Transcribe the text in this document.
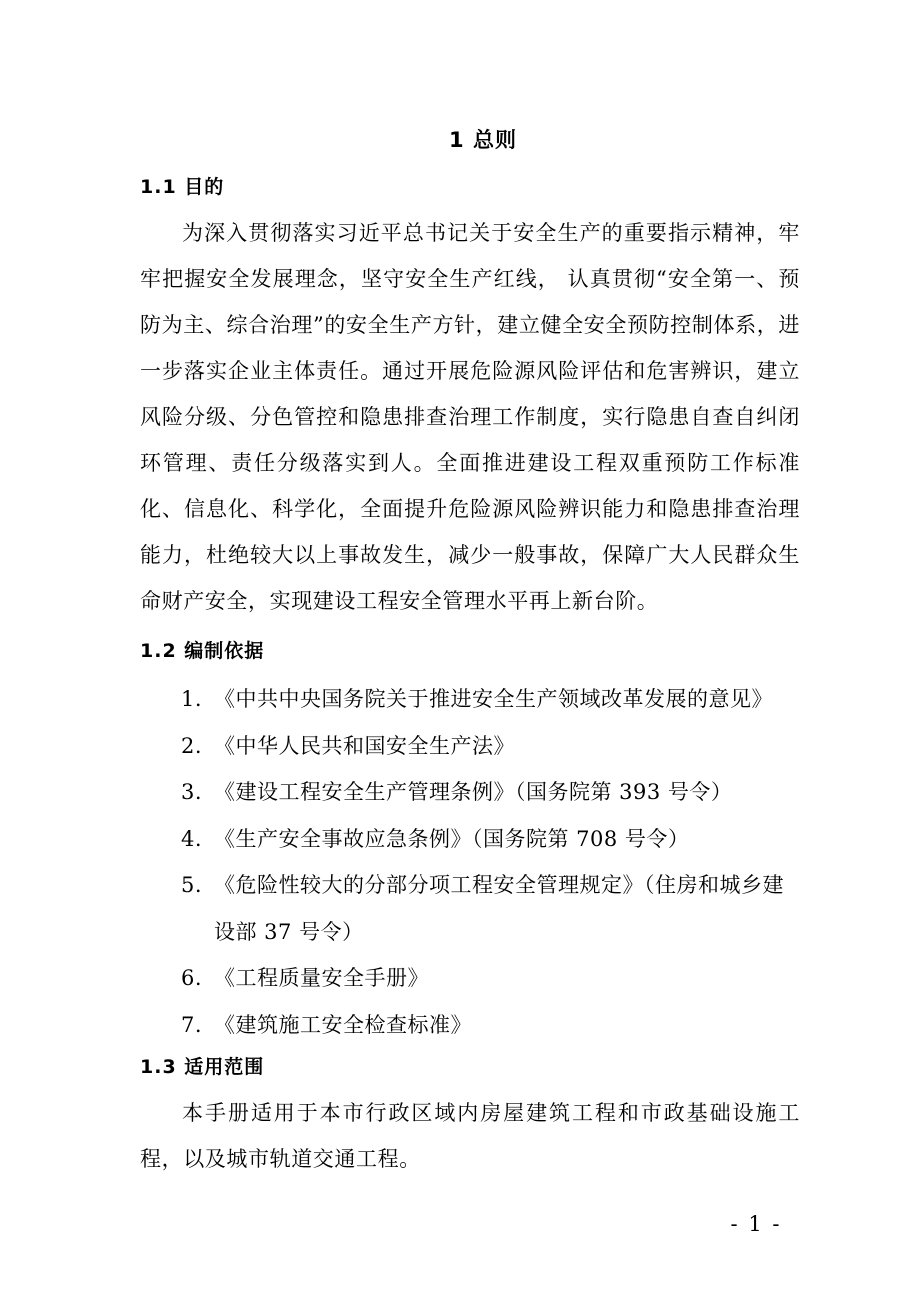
1 总则
1.1 目的

为深入贯彻落实习近平总书记关于安全生产的重要指示精神，牢牢把握安全发展理念，坚守安全生产红线， 认真贯彻“安全第一、预防为主、综合治理”的安全生产方针，建立健全安全预防控制体系，进一步落实企业主体责任。通过开展危险源风险评估和危害辨识，建立风险分级、分色管控和隐患排查治理工作制度，实行隐患自查自纠闭环管理、责任分级落实到人。全面推进建设工程双重预防工作标准化、信息化、科学化，全面提升危险源风险辨识能力和隐患排查治理能力，杜绝较大以上事故发生，减少一般事故，保障广大人民群众生命财产安全，实现建设工程安全管理水平再上新台阶。

1.2 编制依据
1. 《中共中央国务院关于推进安全生产领域改革发展的意见》
2. 《中华人民共和国安全生产法》
3. 《建设工程安全生产管理条例》（国务院第 393 号令）
4. 《生产安全事故应急条例》（国务院第 708 号令）
5. 《危险性较大的分部分项工程安全管理规定》（住房和城乡建设部 37 号令）
6. 《工程质量安全手册》
7. 《建筑施工安全检查标准》
1.3 适用范围

本手册适用于本市行政区域内房屋建筑工程和市政基础设施工程，以及城市轨道交通工程。

- 1 -
